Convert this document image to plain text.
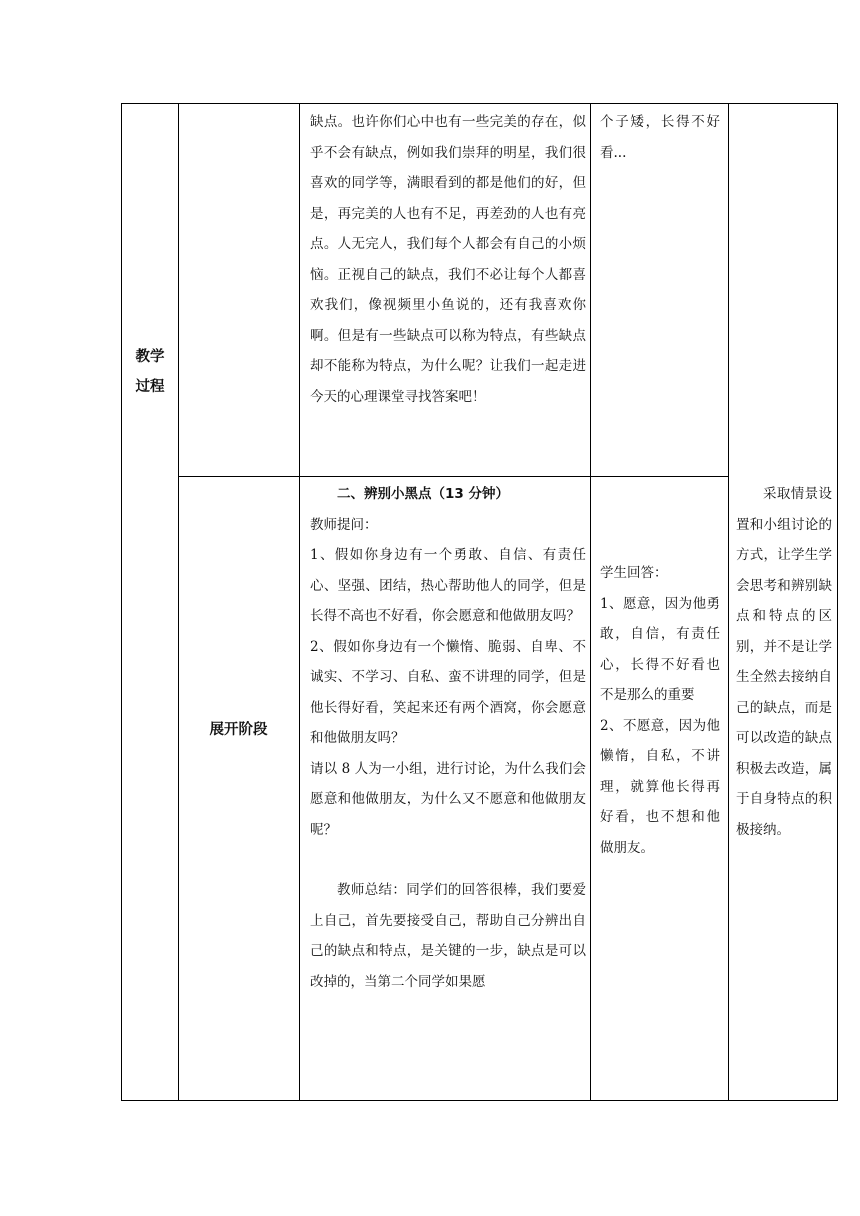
教学
过程

缺点。也许你们心中也有一些完美的存在，似乎不会有缺点，例如我们崇拜的明星，我们很喜欢的同学等，满眼看到的都是他们的好，但是，再完美的人也有不足，再差劲的人也有亮点。人无完人，我们每个人都会有自己的小烦恼。正视自己的缺点，我们不必让每个人都喜欢我们，像视频里小鱼说的，还有我喜欢你啊。但是有一些缺点可以称为特点，有些缺点却不能称为特点，为什么呢？让我们一起走进今天的心理课堂寻找答案吧！

个子矮，长得不好看...

展开阶段

二、辨别小黑点（13 分钟）

教师提问：

1、假如你身边有一个勇敢、自信、有责任心、坚强、团结，热心帮助他人的同学，但是长得不高也不好看，你会愿意和他做朋友吗？

2、假如你身边有一个懒惰、脆弱、自卑、不诚实、不学习、自私、蛮不讲理的同学，但是他长得好看，笑起来还有两个酒窝，你会愿意和他做朋友吗？

请以 8 人为一小组，进行讨论，为什么我们会愿意和他做朋友，为什么又不愿意和他做朋友呢？

教师总结：同学们的回答很棒，我们要爱上自己，首先要接受自己，帮助自己分辨出自己的缺点和特点，是关键的一步，缺点是可以改掉的，当第二个同学如果愿

学生回答：

1、愿意，因为他勇敢，自信，有责任心，长得不好看也不是那么的重要

2、不愿意，因为他懒惰，自私，不讲理，就算他长得再好看，也不想和他做朋友。

采取情景设置和小组讨论的方式，让学生学会思考和辨别缺点和特点的区别，并不是让学生全然去接纳自己的缺点，而是可以改造的缺点积极去改造，属于自身特点的积极接纳。
